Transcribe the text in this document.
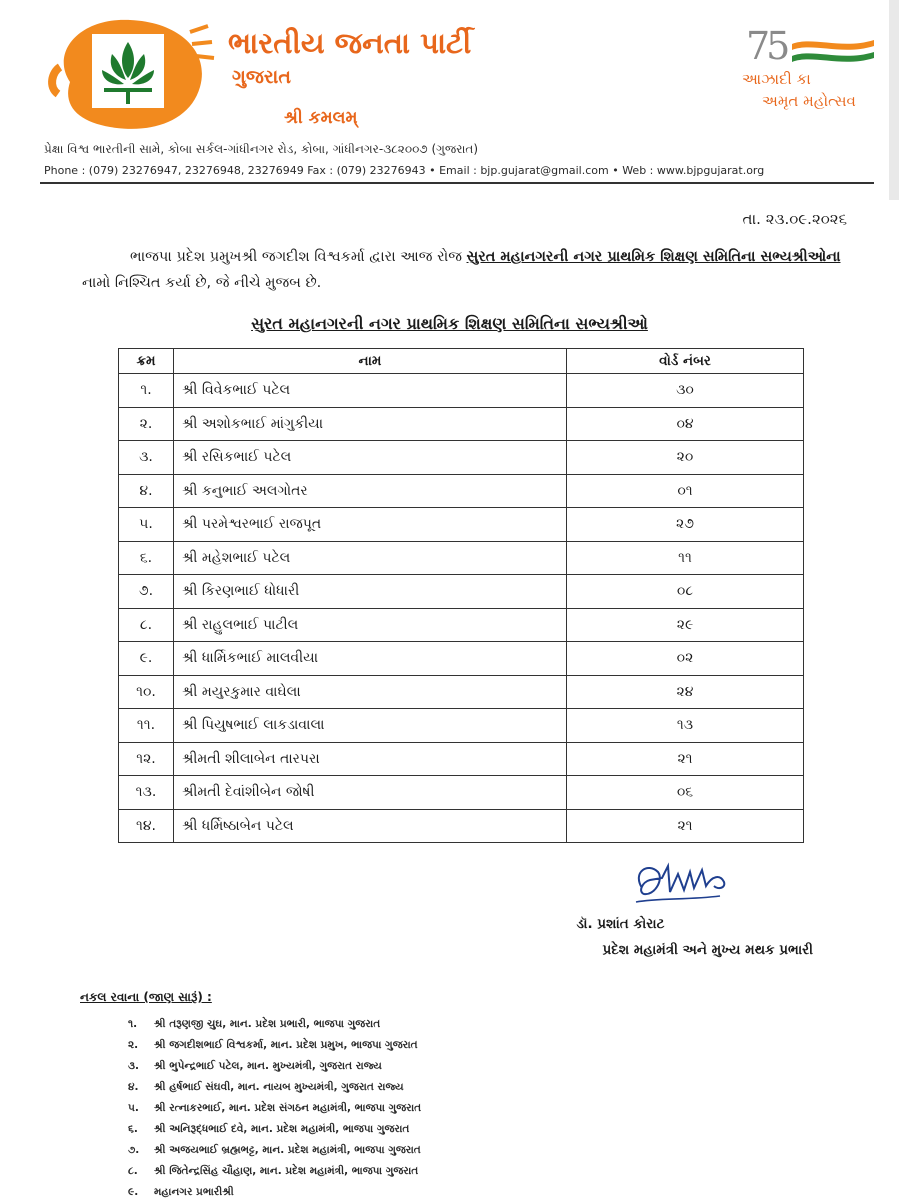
ભારતીય જનતા પાર્ટી
ગુજરાત
શ્રી કમલમ્
75
આઝાદી કા
અમૃત મહોત્સવ
પ્રેક્ષા વિશ્વ ભારતીની સામે, કોબા સર્કલ-ગાંધીનગર રોડ, કોબા, ગાંધીનગર-૩૮૨૦૦૭ (ગુજરાત)
Phone : (079) 23276947, 23276948, 23276949 Fax : (079) 23276943 • Email : bjp.gujarat@gmail.com • Web : www.bjpgujarat.org
તા. ૨૩.૦૯.૨૦૨૬

ભાજપા પ્રદેશ પ્રમુખશ્રી જગદીશ વિશ્વકર્મા દ્વારા આજ રોજ સુરત મહાનગરની નગર પ્રાથમિક શિક્ષણ સમિતિના સભ્યશ્રીઓના નામો નિશ્ચિત કર્યા છે, જે નીચે મુજબ છે.

સુરત મહાનગરની નગર પ્રાથમિક શિક્ષણ સમિતિના સભ્યશ્રીઓ
ક્રમ	નામ	વોર્ડ નંબર
૧.	શ્રી વિવેકભાઈ પટેલ	૩૦
૨.	શ્રી અશોકભાઈ માંગુકીયા	૦૪
૩.	શ્રી રસિકભાઈ પટેલ	૨૦
૪.	શ્રી કનુભાઈ અલગોતર	૦૧
૫.	શ્રી પરમેશ્વરભાઈ રાજપૂત	૨૭
૬.	શ્રી મહેશભાઈ પટેલ	૧૧
૭.	શ્રી કિરણભાઈ ધોધારી	૦૮
૮.	શ્રી રાહુલભાઈ પાટીલ	૨૯
૯.	શ્રી ધાર્મિકભાઈ માલવીયા	૦૨
૧૦.	શ્રી મયુરકુમાર વાઘેલા	૨૪
૧૧.	શ્રી પિયુષભાઈ લાકડાવાલા	૧૩
૧૨.	શ્રીમતી શીલાબેન તારપરા	૨૧
૧૩.	શ્રીમતી દેવાંશીબેન જોષી	૦૬
૧૪.	શ્રી ધર્મિષ્ઠાબેન પટેલ	૨૧
ડૉ. પ્રશાંત કોરાટ
પ્રદેશ મહામંત્રી અને મુખ્ય મથક પ્રભારી
નકલ રવાના (જાણ સારૂં) :
૧. શ્રી તરૂણજી ચુઘ, માન. પ્રદેશ પ્રભારી, ભાજપા ગુજરાત
૨. શ્રી જગદીશભાઈ વિશ્વકર્મા, માન. પ્રદેશ પ્રમુખ, ભાજપા ગુજરાત
૩. શ્રી ભુપેન્દ્રભાઈ પટેલ, માન. મુખ્યમંત્રી, ગુજરાત રાજ્ય
૪. શ્રી હર્ષભાઈ સંઘવી, માન. નાયબ મુખ્યમંત્રી, ગુજરાત રાજ્ય
૫. શ્રી રત્નાકરભાઈ, માન. પ્રદેશ સંગઠન મહામંત્રી, ભાજપા ગુજરાત
૬. શ્રી અનિરૂદ્ધભાઈ દવે, માન. પ્રદેશ મહામંત્રી, ભાજપા ગુજરાત
૭. શ્રી અજયભાઈ બ્રહ્મભટ્ટ, માન. પ્રદેશ મહામંત્રી, ભાજપા ગુજરાત
૮. શ્રી જિતેન્દ્રસિંહ ચૌહાણ, માન. પ્રદેશ મહામંત્રી, ભાજપા ગુજરાત
૯. મહાનગર પ્રભારીશ્રી
